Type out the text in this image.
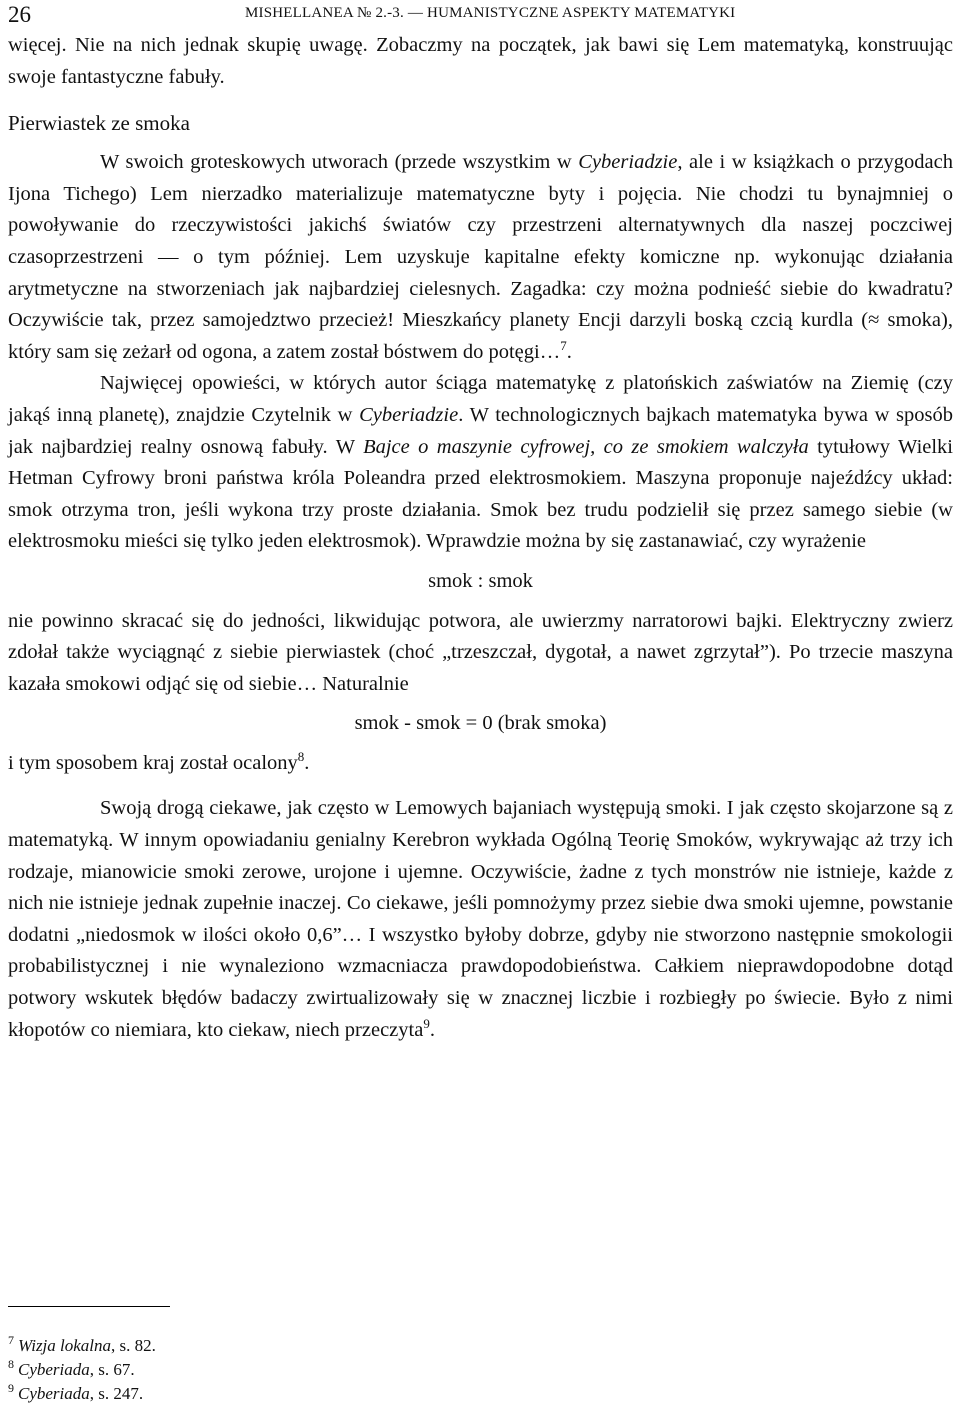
26	MISHELLANEA № 2.-3. — HUMANISTYCZNE ASPEKTY MATEMATYKI

więcej. Nie na nich jednak skupię uwagę. Zobaczmy na początek, jak bawi się Lem matematyką, konstruując swoje fantastyczne fabuły.

Pierwiastek ze smoka

W swoich groteskowych utworach (przede wszystkim w Cyberiadzie, ale i w książkach o przygodach Ijona Tichego) Lem nierzadko materializuje matematyczne byty i pojęcia. Nie chodzi tu bynajmniej o powoływanie do rzeczywistości jakichś światów czy przestrzeni alternatywnych dla naszej poczciwej czasoprzestrzeni — o tym później. Lem uzyskuje kapitalne efekty komiczne np. wykonując działania arytmetyczne na stworzeniach jak najbardziej cielesnych. Zagadka: czy można podnieść siebie do kwadratu? Oczywiście tak, przez samojedztwo przecież! Mieszkańcy planety Encji darzyli boską czcią kurdla (≈ smoka), który sam się zeżarł od ogona, a zatem został bóstwem do potęgi…$^7$.

Najwięcej opowieści, w których autor ściąga matematykę z platońskich zaświatów na Ziemię (czy jakąś inną planetę), znajdzie Czytelnik w Cyberiadzie. W technologicznych bajkach matematyka bywa w sposób jak najbardziej realny osnową fabuły. W Bajce o maszynie cyfrowej, co ze smokiem walczyła tytułowy Wielki Hetman Cyfrowy broni państwa króla Poleandra przed elektrosmokiem. Maszyna proponuje najeźdźcy układ: smok otrzyma tron, jeśli wykona trzy proste działania. Smok bez trudu podzielił się przez samego siebie (w elektrosmoku mieści się tylko jeden elektrosmok). Wprawdzie można by się zastanawiać, czy wyrażenie

smok : smok

nie powinno skracać się do jedności, likwidując potwora, ale uwierzmy narratorowi bajki. Elektryczny zwierz zdołał także wyciągnąć z siebie pierwiastek (choć „trzeszczał, dygotał, a nawet zgrzytał”). Po trzecie maszyna kazała smokowi odjąć się od siebie… Naturalnie

smok - smok = 0 (brak smoka)

i tym sposobem kraj został ocalony$^8$.

Swoją drogą ciekawe, jak często w Lemowych bajaniach występują smoki. I jak często skojarzone są z matematyką. W innym opowiadaniu genialny Kerebron wykłada Ogólną Teorię Smoków, wykrywając aż trzy ich rodzaje, mianowicie smoki zerowe, urojone i ujemne. Oczywiście, żadne z tych monstrów nie istnieje, każde z nich nie istnieje jednak zupełnie inaczej. Co ciekawe, jeśli pomnożymy przez siebie dwa smoki ujemne, powstanie dodatni „niedosmok w ilości około 0,6”… I wszystko byłoby dobrze, gdyby nie stworzono następnie smokologii probabilistycznej i nie wynaleziono wzmacniacza prawdopodobieństwa. Całkiem nieprawdopodobne dotąd potwory wskutek błędów badaczy zwirtualizowały się w znacznej liczbie i rozbiegły po świecie. Było z nimi kłopotów co niemiara, kto ciekaw, niech przeczyta$^9$.

$^7$ Wizja lokalna, s. 82.
$^8$ Cyberiada, s. 67.
$^9$ Cyberiada, s. 247.
